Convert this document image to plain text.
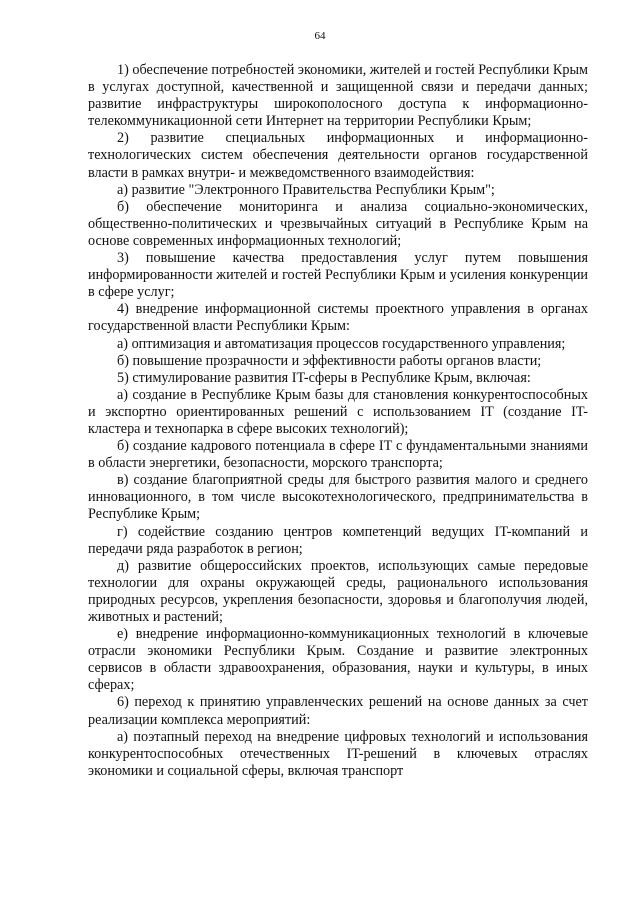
64

1) обеспечение потребностей экономики, жителей и гостей Республики Крым в услугах доступной, качественной и защищенной связи и передачи данных; развитие инфраструктуры широкополосного доступа к информационно-телекоммуникационной сети Интернет на территории Республики Крым;

2) развитие специальных информационных и информационно-технологических систем обеспечения деятельности органов государственной власти в рамках внутри- и межведомственного взаимодействия:

а) развитие "Электронного Правительства Республики Крым";

б) обеспечение мониторинга и анализа социально-экономических, общественно-политических и чрезвычайных ситуаций в Республике Крым на основе современных информационных технологий;

3) повышение качества предоставления услуг путем повышения информированности жителей и гостей Республики Крым и усиления конкуренции в сфере услуг;

4) внедрение информационной системы проектного управления в органах государственной власти Республики Крым:

а) оптимизация и автоматизация процессов государственного управления;

б) повышение прозрачности и эффективности работы органов власти;

5) стимулирование развития IT-сферы в Республике Крым, включая:

а) создание в Республике Крым базы для становления конкурентоспособных и экспортно ориентированных решений с использованием IT (создание IT-кластера и технопарка в сфере высоких технологий);

б) создание кадрового потенциала в сфере IT с фундаментальными знаниями в области энергетики, безопасности, морского транспорта;

в) создание благоприятной среды для быстрого развития малого и среднего инновационного, в том числе высокотехнологического, предпринимательства в Республике Крым;

г) содействие созданию центров компетенций ведущих IT-компаний и передачи ряда разработок в регион;

д) развитие общероссийских проектов, использующих самые передовые технологии для охраны окружающей среды, рационального использования природных ресурсов, укрепления безопасности, здоровья и благополучия людей, животных и растений;

е) внедрение информационно-коммуникационных технологий в ключевые отрасли экономики Республики Крым. Создание и развитие электронных сервисов в области здравоохранения, образования, науки и культуры, в иных сферах;

6) переход к принятию управленческих решений на основе данных за счет реализации комплекса мероприятий:

а) поэтапный переход на внедрение цифровых технологий и использования конкурентоспособных отечественных IT-решений в ключевых отраслях экономики и социальной сферы, включая транспорт
